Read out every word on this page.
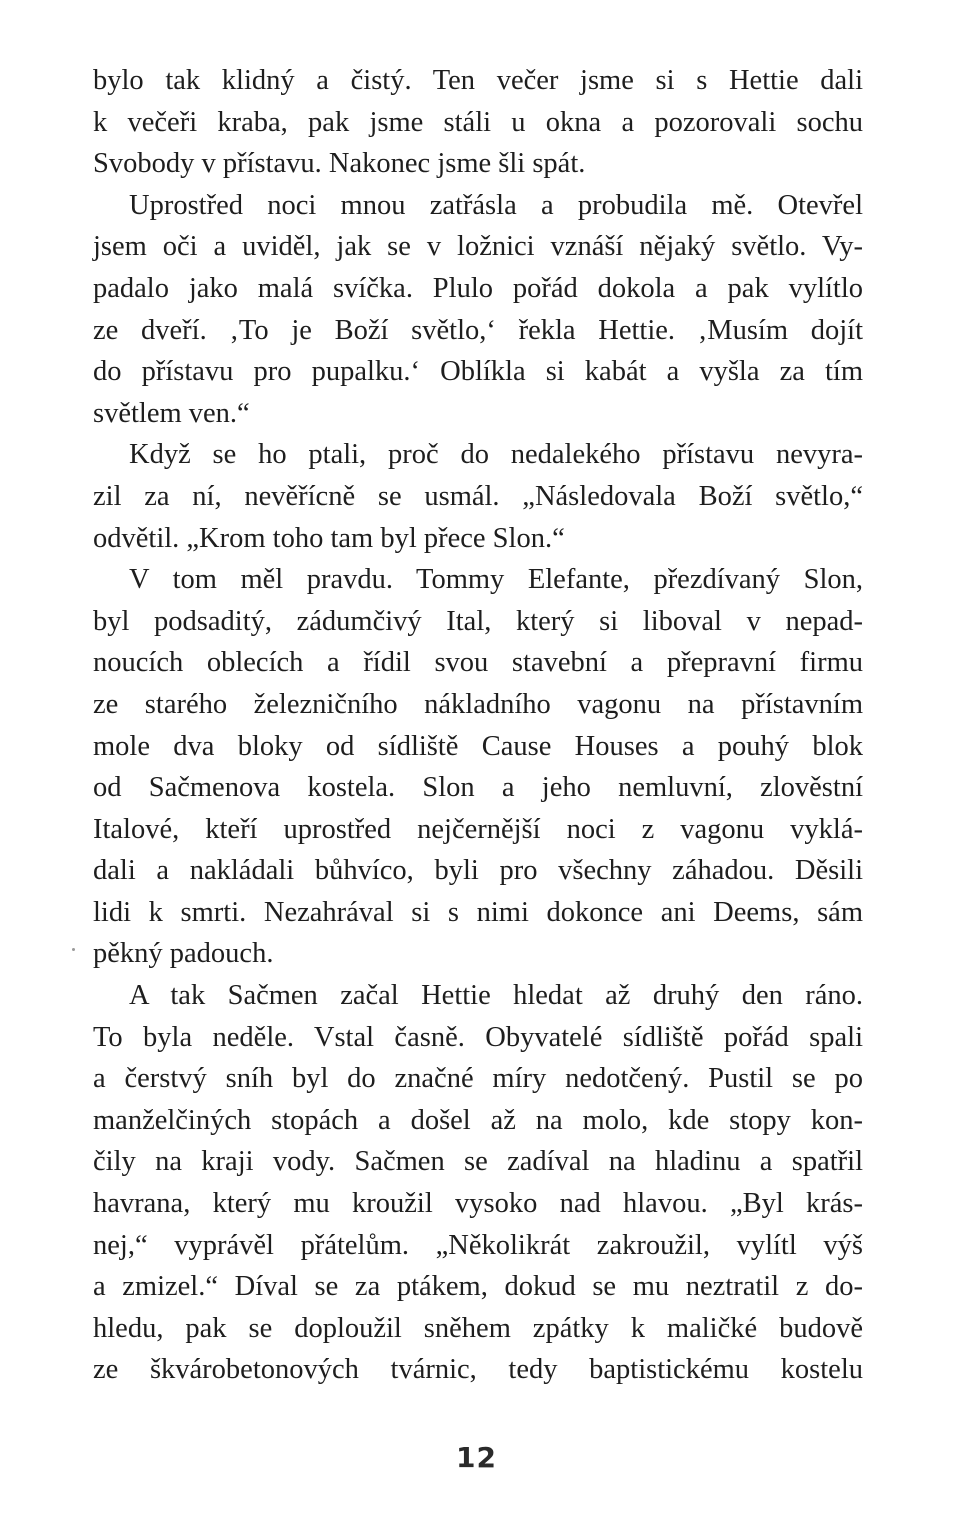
bylo tak klidný a čistý. Ten večer jsme si s Hettie dali
k večeři kraba, pak jsme stáli u okna a pozorovali sochu
Svobody v přístavu. Nakonec jsme šli spát.
Uprostřed noci mnou zatřásla a probudila mě. Otevřel
jsem oči a uviděl, jak se v ložnici vznáší nějaký světlo. Vy-
padalo jako malá svíčka. Plulo pořád dokola a pak vylítlo
ze dveří. ‚To je Boží světlo,‘ řekla Hettie. ‚Musím dojít
do přístavu pro pupalku.‘ Oblíkla si kabát a vyšla za tím
světlem ven.“
Když se ho ptali, proč do nedalekého přístavu nevyra-
zil za ní, nevěřícně se usmál. „Následovala Boží světlo,“
odvětil. „Krom toho tam byl přece Slon.“
V tom měl pravdu. Tommy Elefante, přezdívaný Slon,
byl podsaditý, zádumčivý Ital, který si liboval v nepad-
noucích oblecích a řídil svou stavební a přepravní firmu
ze starého železničního nákladního vagonu na přístavním
mole dva bloky od sídliště Cause Houses a pouhý blok
od Sačmenova kostela. Slon a jeho nemluvní, zlověstní
Italové, kteří uprostřed nejčernější noci z vagonu vyklá-
dali a nakládali bůhvíco, byli pro všechny záhadou. Děsili
lidi k smrti. Nezahrával si s nimi dokonce ani Deems, sám
pěkný padouch.
A tak Sačmen začal Hettie hledat až druhý den ráno.
To byla neděle. Vstal časně. Obyvatelé sídliště pořád spali
a čerstvý sníh byl do značné míry nedotčený. Pustil se po
manželčiných stopách a došel až na molo, kde stopy kon-
čily na kraji vody. Sačmen se zadíval na hladinu a spatřil
havrana, který mu kroužil vysoko nad hlavou. „Byl krás-
nej,“ vyprávěl přátelům. „Několikrát zakroužil, vylítl výš
a zmizel.“ Díval se za ptákem, dokud se mu neztratil z do-
hledu, pak se doploužil sněhem zpátky k maličké budově
ze škvárobetonových tvárnic, tedy baptistickému kostelu
12
